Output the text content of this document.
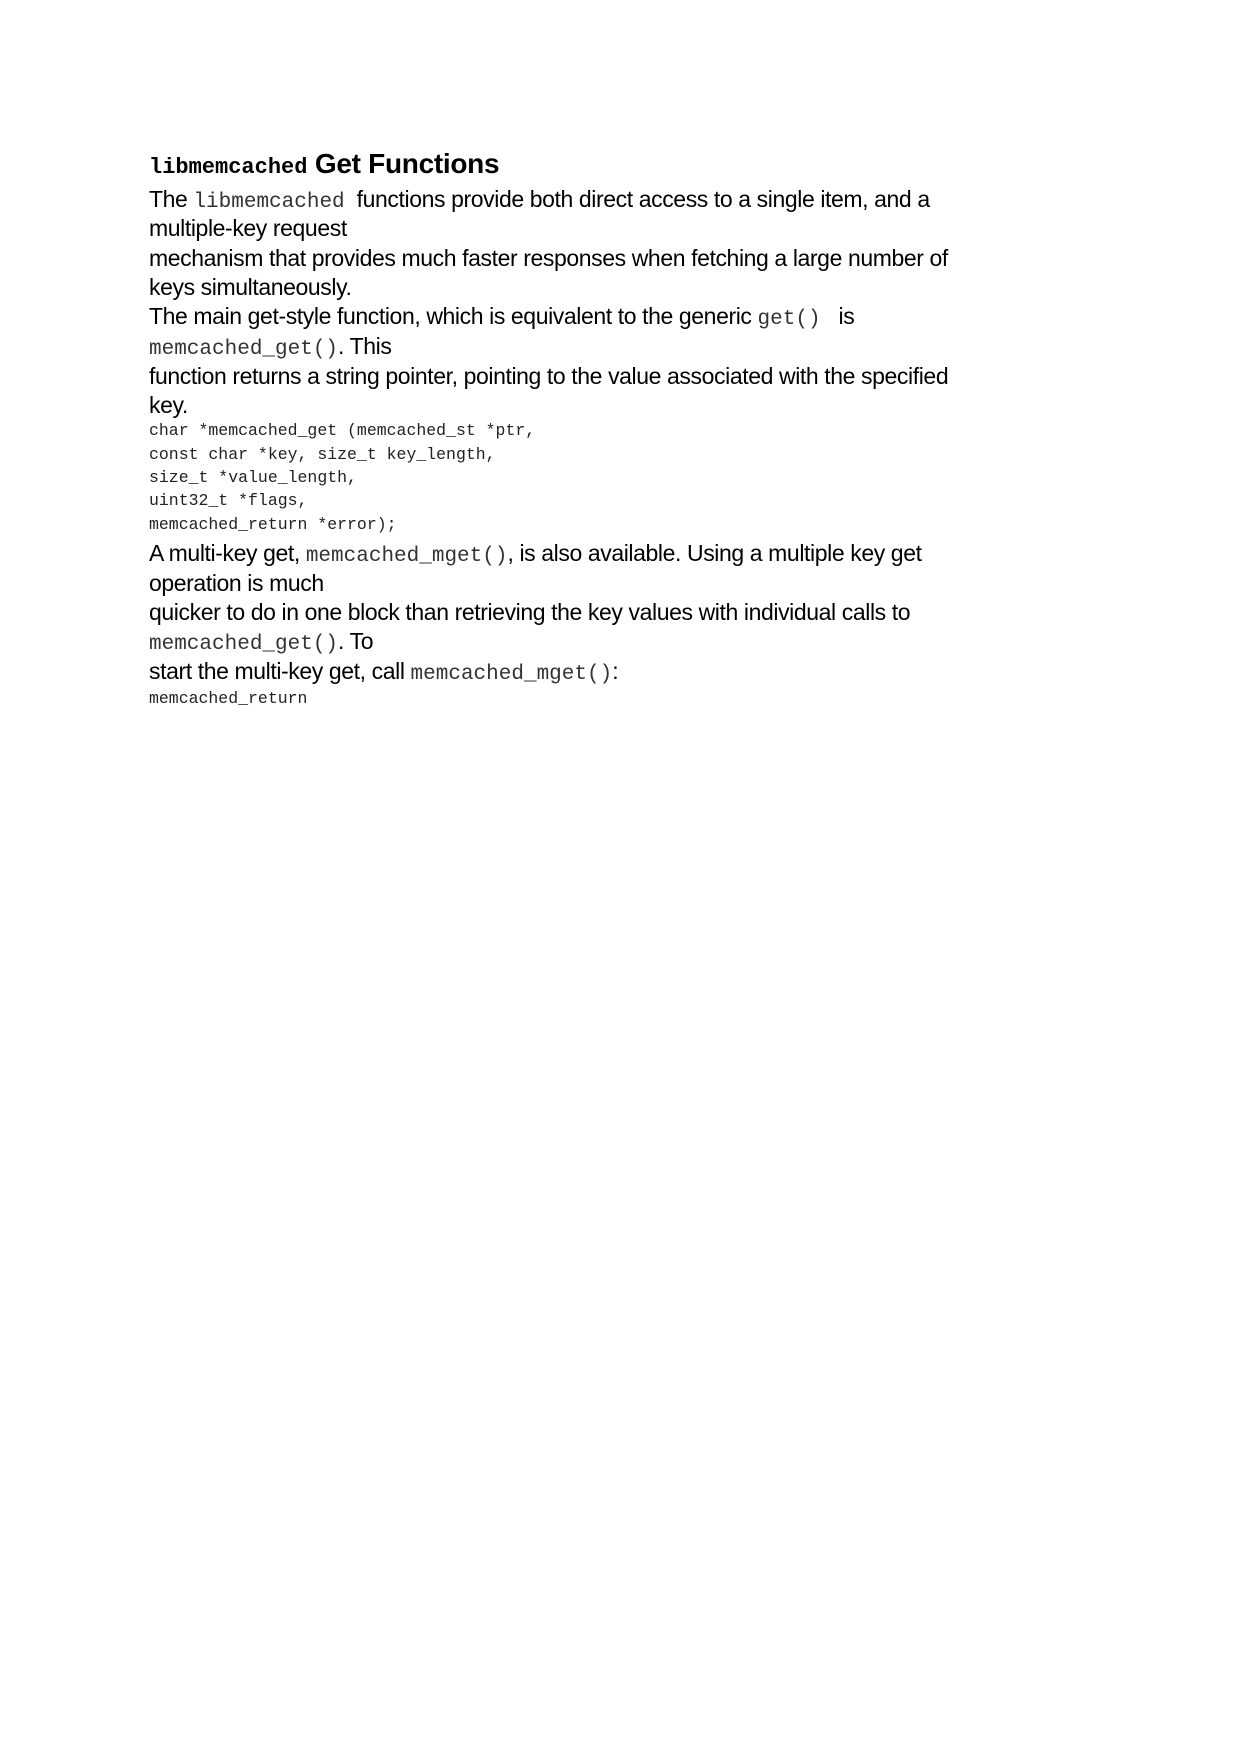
libmemcached Get Functions
The libmemcached  functions provide both direct access to a single item, and a
multiple-key request
mechanism that provides much faster responses when fetching a large number of
keys simultaneously.
The main get-style function, which is equivalent to the generic get()   is
memcached_get(). This
function returns a string pointer, pointing to the value associated with the specified
key.
char *memcached_get (memcached_st *ptr,
const char *key, size_t key_length,
size_t *value_length,
uint32_t *flags,
memcached_return *error);
A multi-key get, memcached_mget(), is also available. Using a multiple key get
operation is much
quicker to do in one block than retrieving the key values with individual calls to
memcached_get(). To
start the multi-key get, call memcached_mget():
memcached_return
